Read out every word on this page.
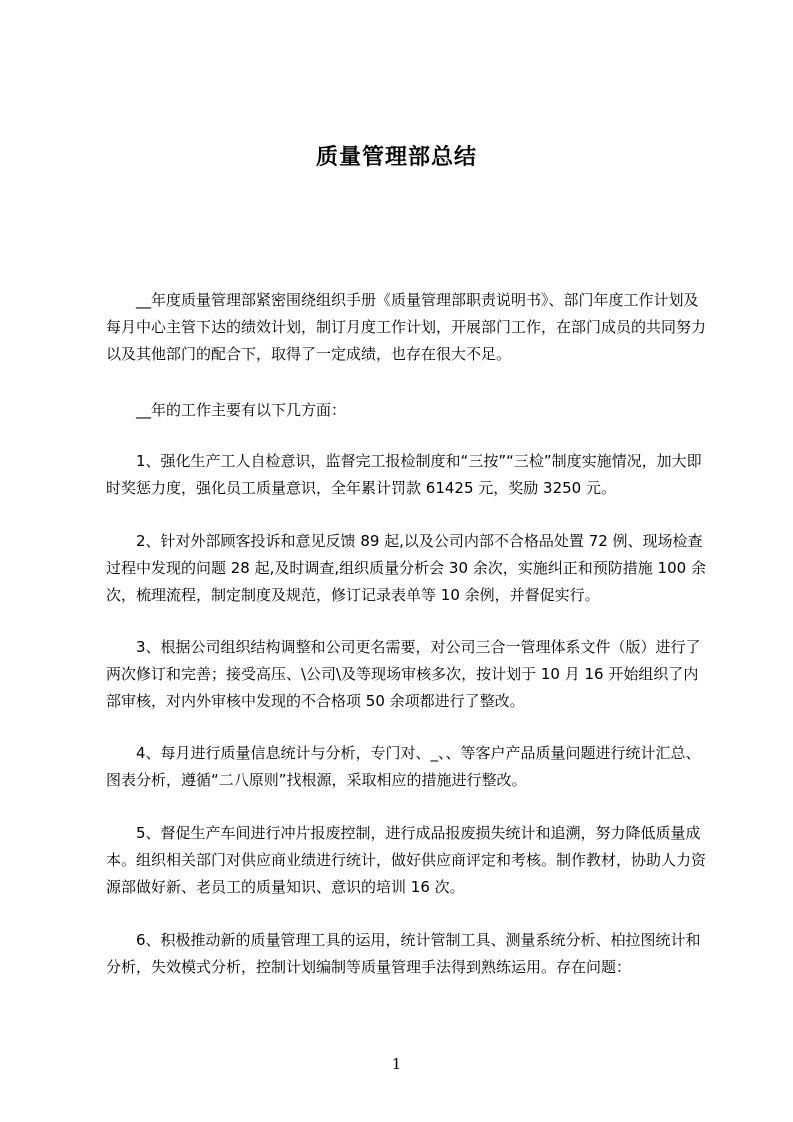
质量管理部总结

__年度质量管理部紧密围绕组织手册《质量管理部职责说明书》、部门年度工作计划及每月中心主管下达的绩效计划，制订月度工作计划，开展部门工作，在部门成员的共同努力以及其他部门的配合下，取得了一定成绩，也存在很大不足。

__年的工作主要有以下几方面：

1、强化生产工人自检意识，监督完工报检制度和“三按”“三检”制度实施情况，加大即时奖惩力度，强化员工质量意识，全年累计罚款 61425 元，奖励 3250 元。

2、针对外部顾客投诉和意见反馈 89 起,以及公司内部不合格品处置 72 例、现场检查过程中发现的问题 28 起,及时调查,组织质量分析会 30 余次，实施纠正和预防措施 100 余次，梳理流程，制定制度及规范，修订记录表单等 10 余例，并督促实行。

3、根据公司组织结构调整和公司更名需要，对公司三合一管理体系文件（版）进行了两次修订和完善；接受高压、\公司\及等现场审核多次，按计划于 10 月 16 开始组织了内部审核，对内外审核中发现的不合格项 50 余项都进行了整改。

4、每月进行质量信息统计与分析，专门对、_、、等客户产品质量问题进行统计汇总、图表分析，遵循“二八原则”找根源，采取相应的措施进行整改。

5、督促生产车间进行冲片报废控制，进行成品报废损失统计和追溯，努力降低质量成本。组织相关部门对供应商业绩进行统计，做好供应商评定和考核。制作教材，协助人力资源部做好新、老员工的质量知识、意识的培训 16 次。

6、积极推动新的质量管理工具的运用，统计管制工具、测量系统分析、柏拉图统计和分析，失效模式分析，控制计划编制等质量管理手法得到熟练运用。存在问题：

1
